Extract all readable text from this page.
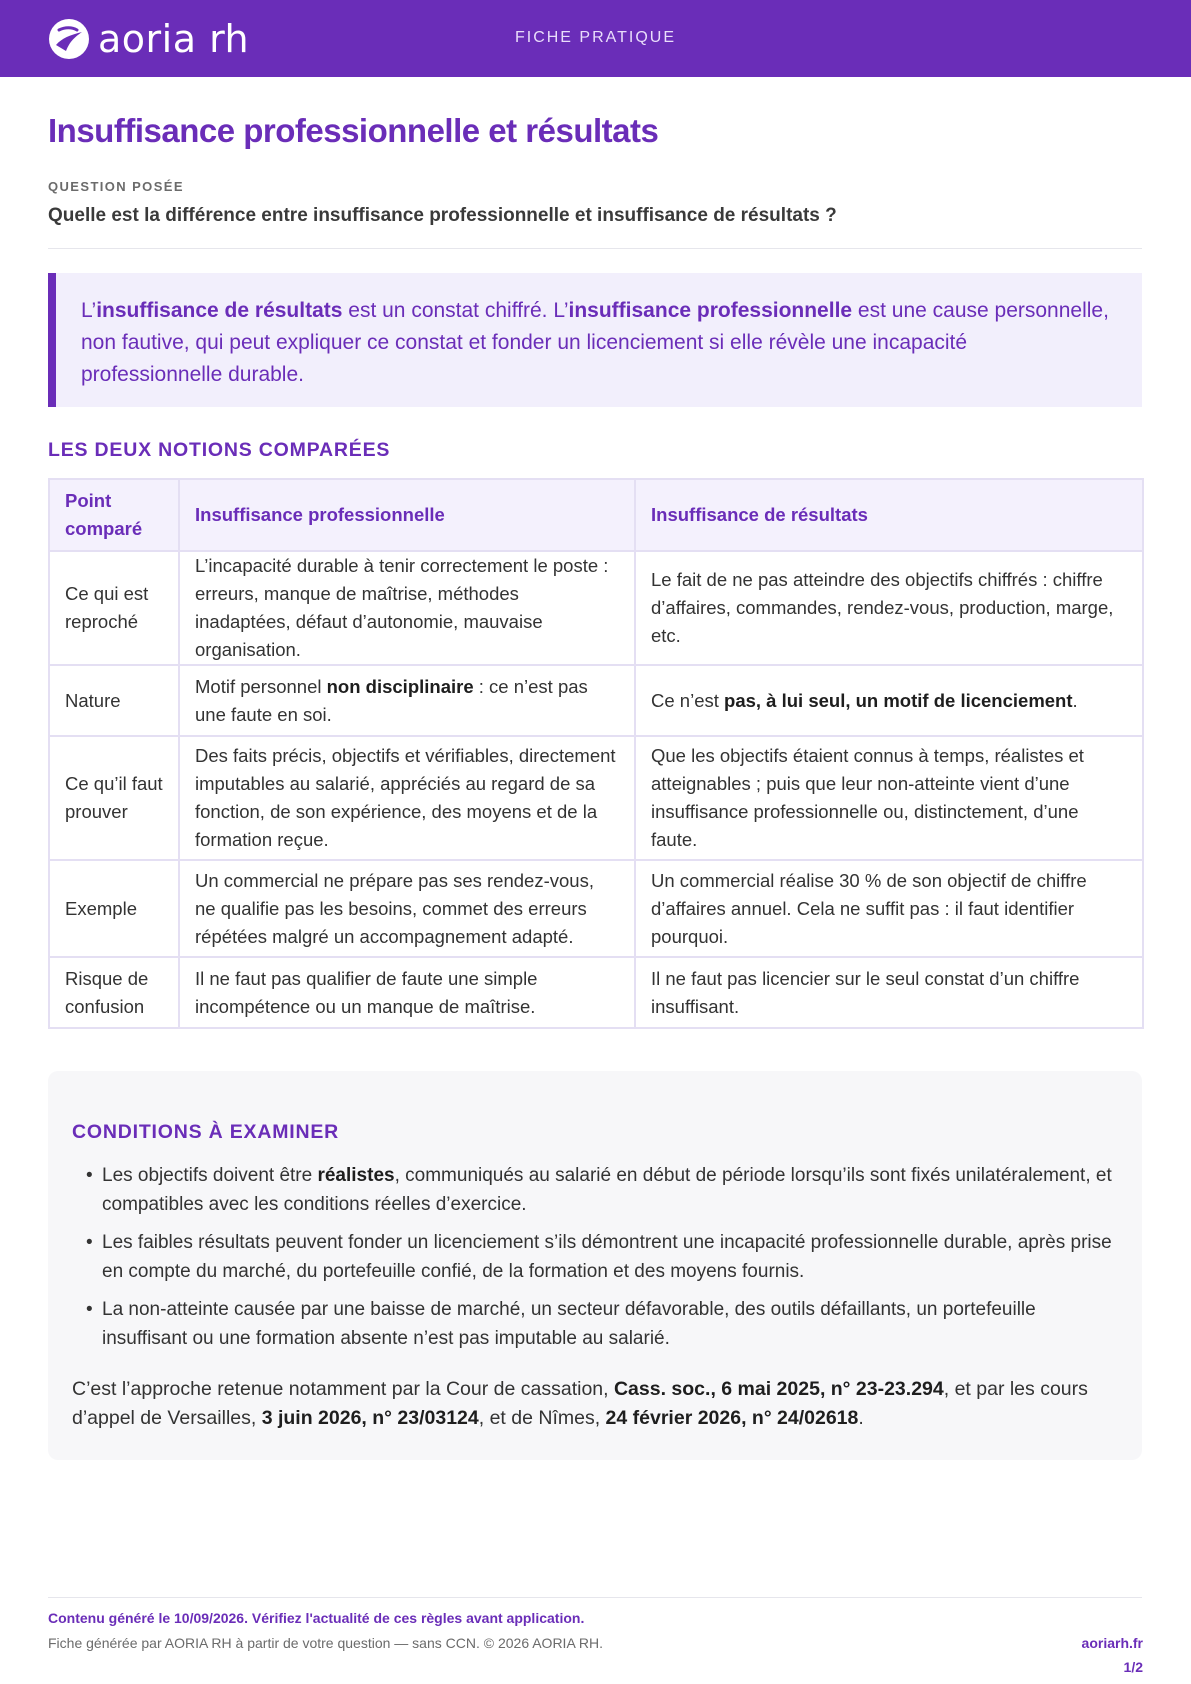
aoria rh	FICHE PRATIQUE
Insuffisance professionnelle et résultats
QUESTION POSÉE
Quelle est la différence entre insuffisance professionnelle et insuffisance de résultats ?

L’insuffisance de résultats est un constat chiffré. L’insuffisance professionnelle est une cause personnelle, non fautive, qui peut expliquer ce constat et fonder un licenciement si elle révèle une incapacité professionnelle durable.

LES DEUX NOTIONS COMPARÉES
Point comparé	Insuffisance professionnelle	Insuffisance de résultats
Ce qui est reproché	L’incapacité durable à tenir correctement le poste : erreurs, manque de maîtrise, méthodes inadaptées, défaut d’autonomie, mauvaise organisation.	Le fait de ne pas atteindre des objectifs chiffrés : chiffre d’affaires, commandes, rendez-vous, production, marge, etc.
Nature	Motif personnel non disciplinaire : ce n’est pas une faute en soi.	Ce n’est pas, à lui seul, un motif de licenciement.
Ce qu’il faut prouver	Des faits précis, objectifs et vérifiables, directement imputables au salarié, appréciés au regard de sa fonction, de son expérience, des moyens et de la formation reçue.	Que les objectifs étaient connus à temps, réalistes et atteignables ; puis que leur non-atteinte vient d’une insuffisance professionnelle ou, distinctement, d’une faute.
Exemple	Un commercial ne prépare pas ses rendez-vous, ne qualifie pas les besoins, commet des erreurs répétées malgré un accompagnement adapté.	Un commercial réalise 30 % de son objectif de chiffre d’affaires annuel. Cela ne suffit pas : il faut identifier pourquoi.
Risque de confusion	Il ne faut pas qualifier de faute une simple incompétence ou un manque de maîtrise.	Il ne faut pas licencier sur le seul constat d’un chiffre insuffisant.
CONDITIONS À EXAMINER
• Les objectifs doivent être réalistes, communiqués au salarié en début de période lorsqu’ils sont fixés unilatéralement, et compatibles avec les conditions réelles d’exercice.
• Les faibles résultats peuvent fonder un licenciement s’ils démontrent une incapacité professionnelle durable, après prise en compte du marché, du portefeuille confié, de la formation et des moyens fournis.
• La non-atteinte causée par une baisse de marché, un secteur défavorable, des outils défaillants, un portefeuille insuffisant ou une formation absente n’est pas imputable au salarié.

C’est l’approche retenue notamment par la Cour de cassation, Cass. soc., 6 mai 2025, n° 23-23.294, et par les cours d’appel de Versailles, 3 juin 2026, n° 23/03124, et de Nîmes, 24 février 2026, n° 24/02618.

Contenu généré le 10/09/2026. Vérifiez l'actualité de ces règles avant application.
Fiche générée par AORIA RH à partir de votre question — sans CCN. © 2026 AORIA RH.	aoriarh.fr
1/2
